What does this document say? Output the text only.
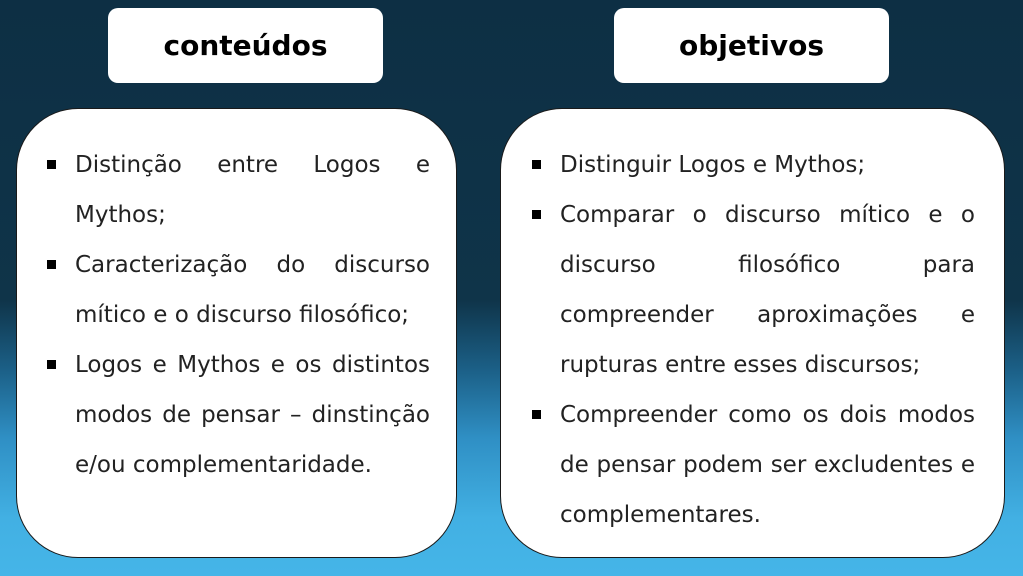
conteúdos	objetivos
Distinção entre Logos e Mythos;
Caracterização do discurso mítico e o discurso filosófico;
Logos e Mythos e os distintos modos de pensar – dinstinção e/ou complementaridade.
Distinguir Logos e Mythos;
Comparar o discurso mítico e o discurso filosófico para compreender aproximações e rupturas entre esses discursos;
Compreender como os dois modos de pensar podem ser excludentes e complementares.
